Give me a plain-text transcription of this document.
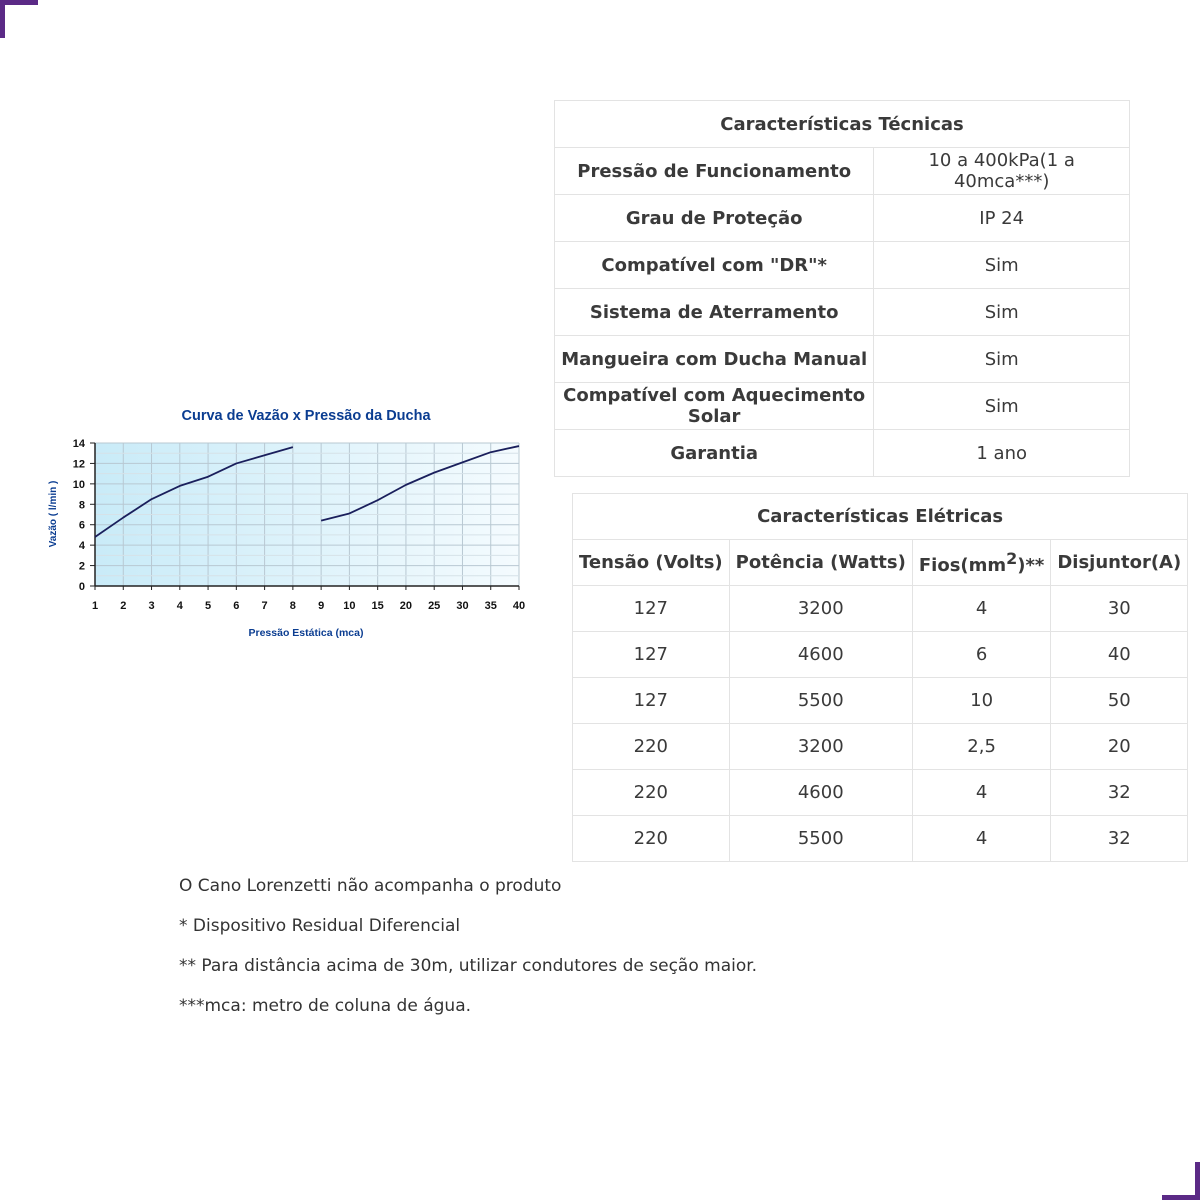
Características Técnicas	
Pressão de Funcionamento	10 a 400kPa(1 a 40mca***)
Grau de Proteção	IP 24
Compatível com "DR"*	Sim
Sistema de Aterramento	Sim
Mangueira com Ducha Manual	Sim
Compatível com Aquecimento Solar	Sim
Garantia	1 ano
Características Elétricas			
Tensão (Volts)	Potência (Watts)	$Fios(mm^2)**$	Disjuntor(A)
127	3200	4	30
127	4600	6	40
127	5500	10	50
220	3200	2,5	20
220	4600	4	32
220	5500	4	32
Curva de Vazão x Pressão da Ducha
0
2
4
6
8
10
12
14
1 2 3 4 5 6 7 8 9 10 15 20 25 30 35 40
Vazão ( l/min )
Pressão Estática (mca)

O Cano Lorenzetti não acompanha o produto

* Dispositivo Residual Diferencial

** Para distância acima de 30m, utilizar condutores de seção maior.

***mca: metro de coluna de água.
